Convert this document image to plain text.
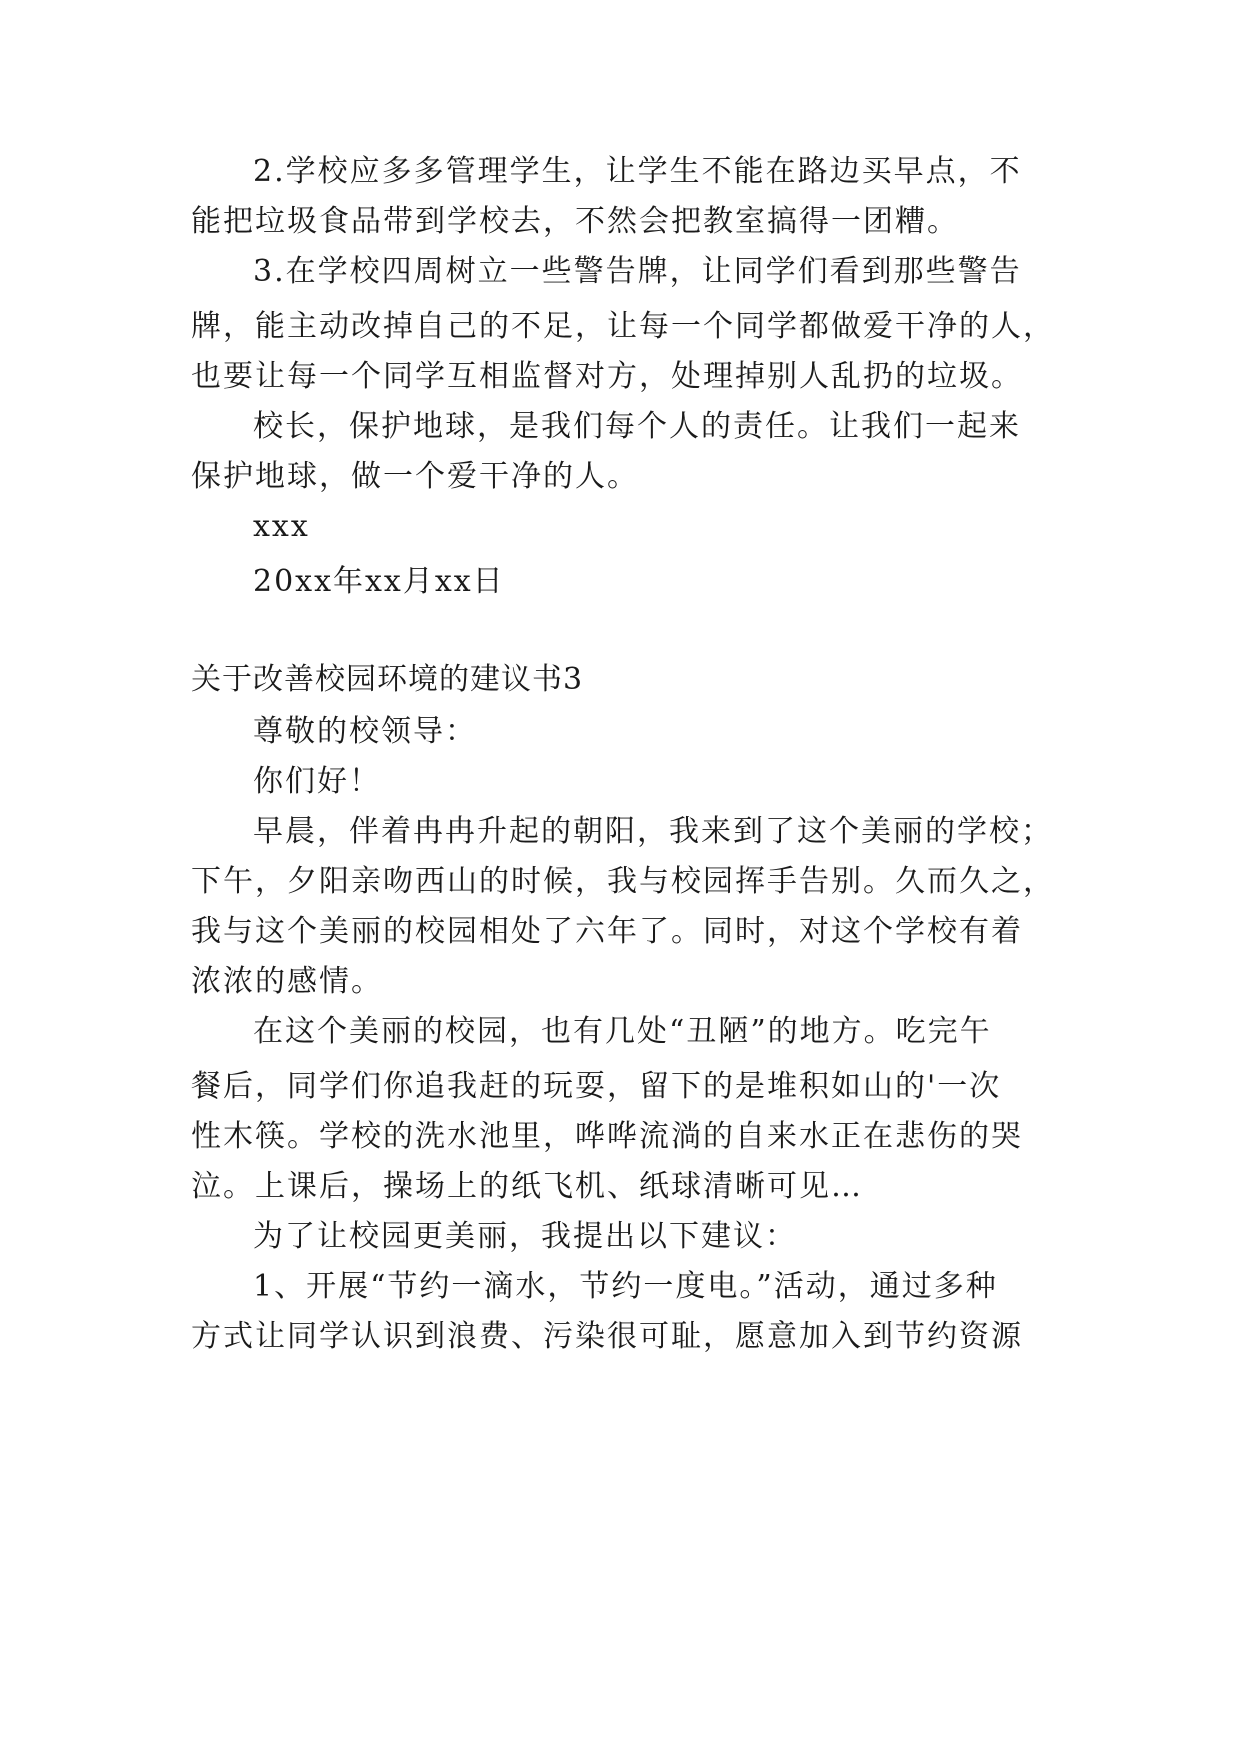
2.学校应多多管理学生，让学生不能在路边买早点，不
能把垃圾食品带到学校去，不然会把教室搞得一团糟。
3.在学校四周树立一些警告牌，让同学们看到那些警告
牌，能主动改掉自己的不足，让每一个同学都做爱干净的人，
也要让每一个同学互相监督对方，处理掉别人乱扔的垃圾。
校长，保护地球，是我们每个人的责任。让我们一起来
保护地球，做一个爱干净的人。
xxx
20xx年xx月xx日
关于改善校园环境的建议书3
尊敬的校领导：
你们好！
早晨，伴着冉冉升起的朝阳，我来到了这个美丽的学校；
下午，夕阳亲吻西山的时候，我与校园挥手告别。久而久之，
我与这个美丽的校园相处了六年了。同时，对这个学校有着
浓浓的感情。
在这个美丽的校园，也有几处“丑陋”的地方。吃完午
餐后，同学们你追我赶的玩耍，留下的是堆积如山的'一次
性木筷。学校的洗水池里，哗哗流淌的自来水正在悲伤的哭
泣。上课后，操场上的纸飞机、纸球清晰可见…
为了让校园更美丽，我提出以下建议：
1、开展“节约一滴水，节约一度电。”活动，通过多种
方式让同学认识到浪费、污染很可耻，愿意加入到节约资源
